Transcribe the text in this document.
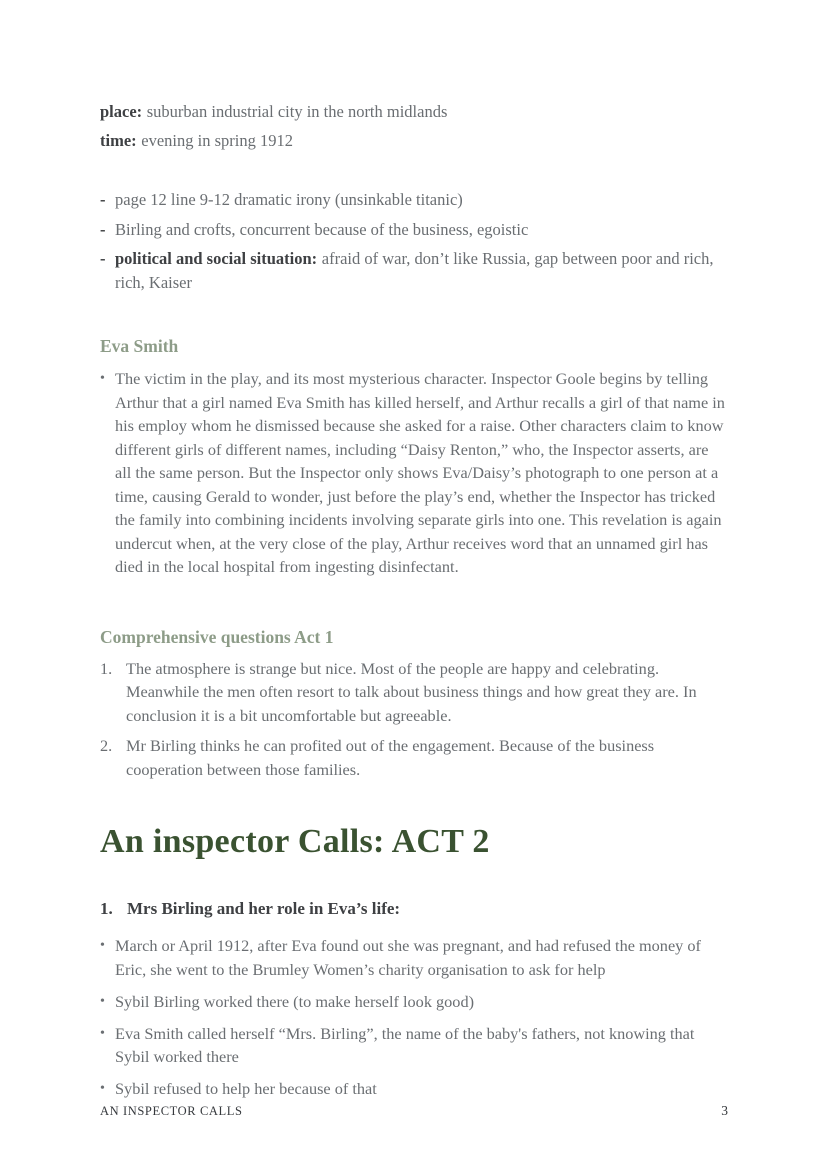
place: suburban industrial city in the north midlands
time: evening in spring 1912
- page 12 line 9-12 dramatic irony (unsinkable titanic)
- Birling and crofts, concurrent because of the business, egoistic
- political and social situation: afraid of war, don’t like Russia, gap between poor and rich, rich, Kaiser
Eva Smith
• The victim in the play, and its most mysterious character. Inspector Goole begins by telling Arthur that a girl named Eva Smith has killed herself, and Arthur recalls a girl of that name in his employ whom he dismissed because she asked for a raise. Other characters claim to know different girls of different names, including “Daisy Renton,” who, the Inspector asserts, are all the same person. But the Inspector only shows Eva/Daisy’s photograph to one person at a time, causing Gerald to wonder, just before the play’s end, whether the Inspector has tricked the family into combining incidents involving separate girls into one. This revelation is again undercut when, at the very close of the play, Arthur receives word that an unnamed girl has died in the local hospital from ingesting disinfectant.
Comprehensive questions Act 1
1. The atmosphere is strange but nice. Most of the people are happy and celebrating. Meanwhile the men often resort to talk about business things and how great they are. In conclusion it is a bit uncomfortable but agreeable.
2. Mr Birling thinks he can profited out of the engagement. Because of the business cooperation between those families.
An inspector Calls: ACT 2
1. Mrs Birling and her role in Eva’s life:
• March or April 1912, after Eva found out she was pregnant, and had refused the money of Eric, she went to the Brumley Women’s charity organisation to ask for help
• Sybil Birling worked there (to make herself look good)
• Eva Smith called herself “Mrs. Birling”, the name of the baby's fathers, not knowing that Sybil worked there
• Sybil refused to help her because of that
AN INSPECTOR CALLS	3
